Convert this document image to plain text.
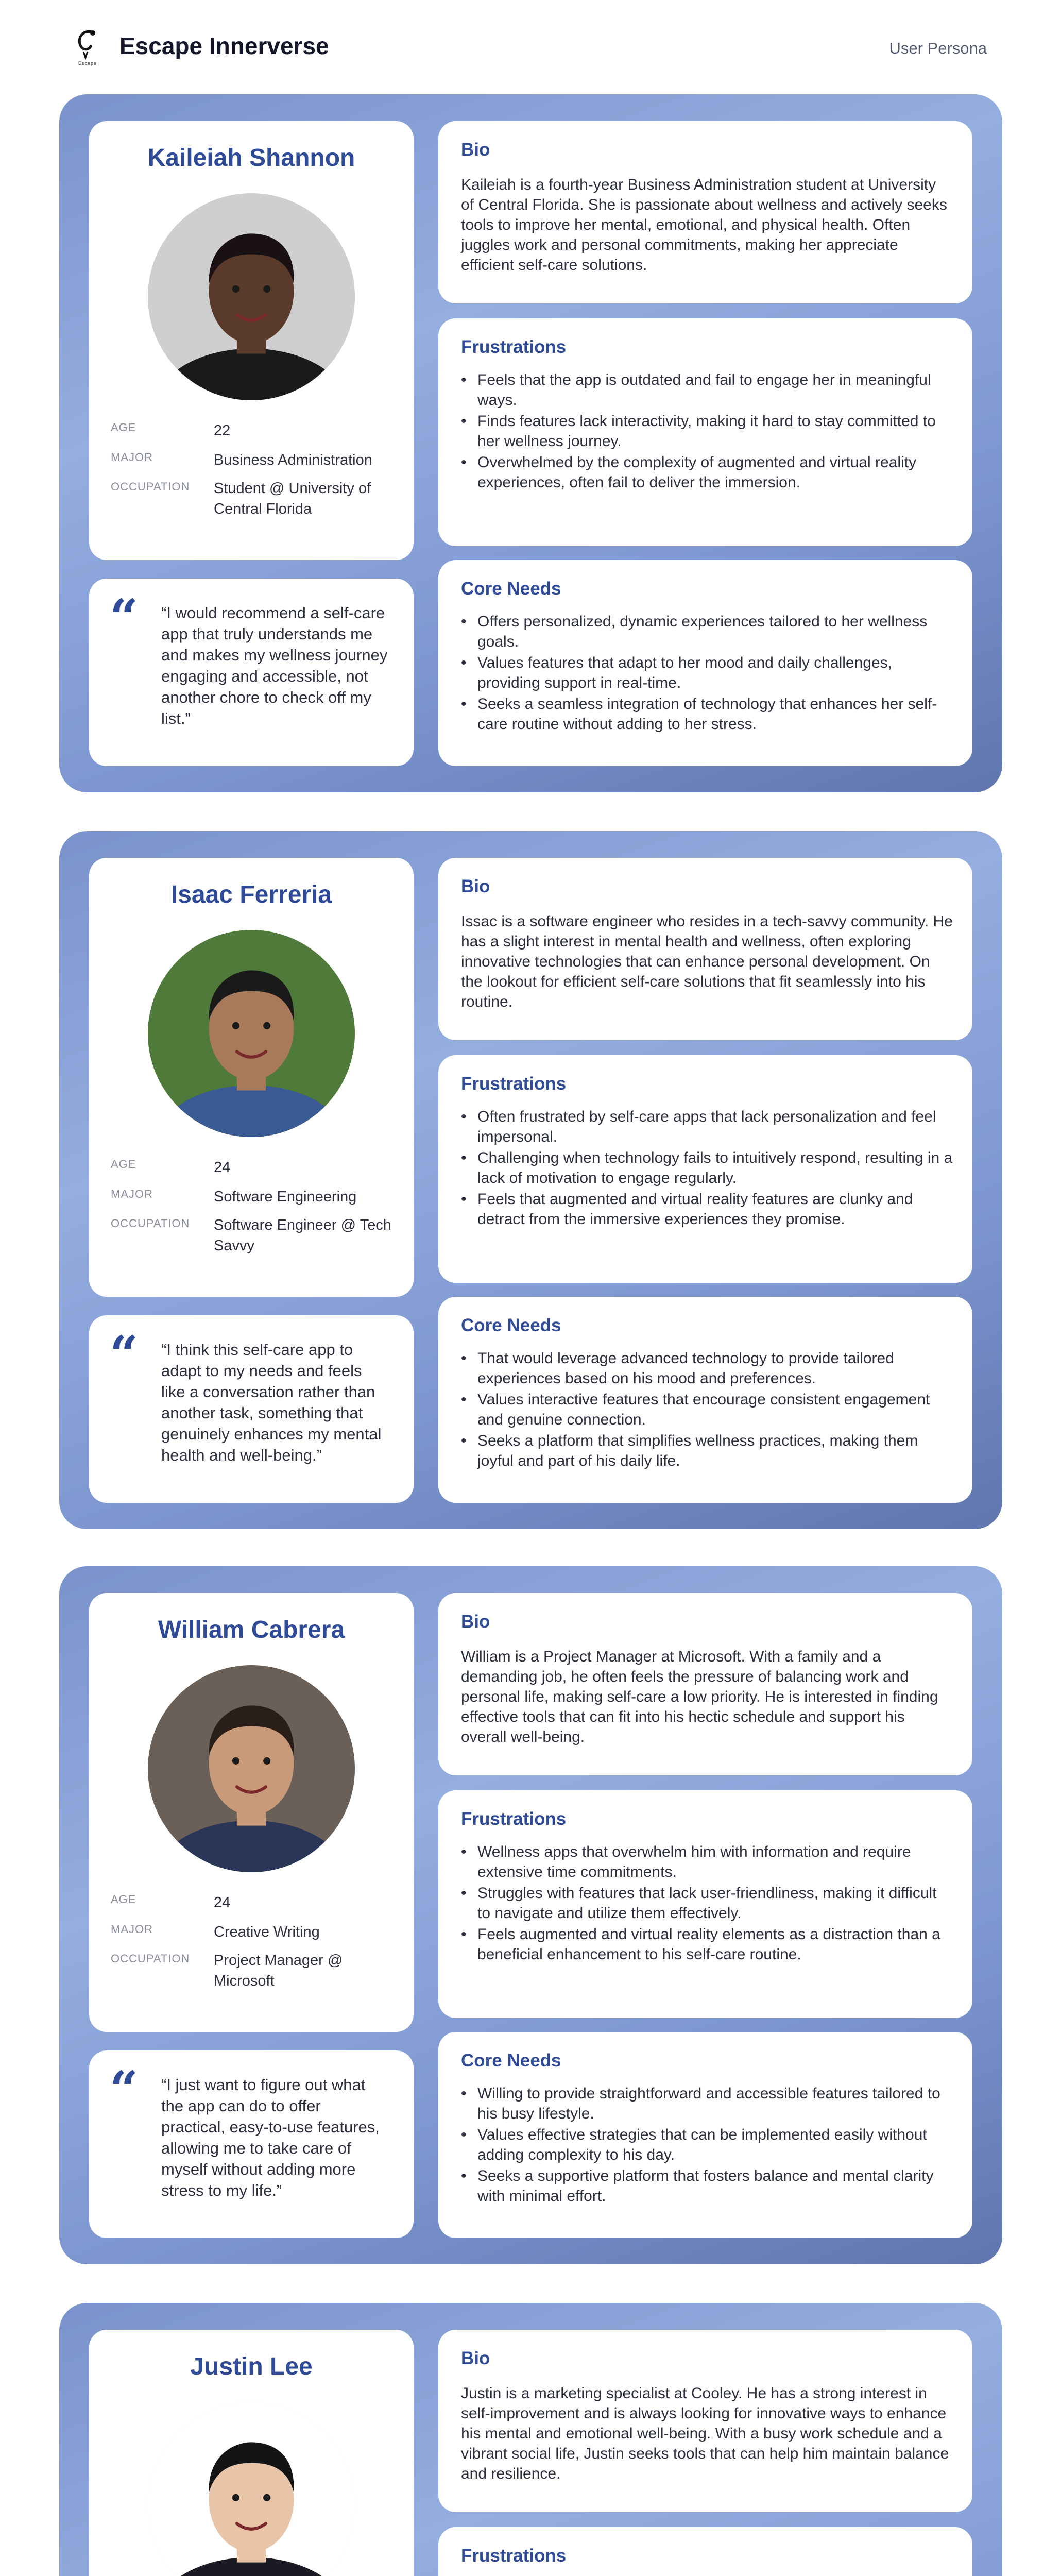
Escape
Escape Innerverse	User Persona
Kaileiah Shannon
AGE	22
MAJOR	Business Administration
OCCUPATION Student @ University of Central Florida
“ “I would recommend a self-care app that truly understands me and makes my wellness journey engaging and accessible, not another chore to check off my list.”
Bio
Kaileiah is a fourth-year Business Administration student at University of Central Florida. She is passionate about wellness and actively seeks tools to improve her mental, emotional, and physical health. Often juggles work and personal commitments, making her appreciate efficient self-care solutions.
Frustrations
• Feels that the app is outdated and fail to engage her in meaningful ways.
• Finds features lack interactivity, making it hard to stay committed to her wellness journey.
• Overwhelmed by the complexity of augmented and virtual reality experiences, often fail to deliver the immersion.
Core Needs
• Offers personalized, dynamic experiences tailored to her wellness goals.
• Values features that adapt to her mood and daily challenges, providing support in real-time.
• Seeks a seamless integration of technology that enhances her self-care routine without adding to her stress.
Isaac Ferreria
AGE	24
MAJOR	Software Engineering
OCCUPATION Software Engineer @ Tech Savvy
“ “I think this self-care app to adapt to my needs and feels like a conversation rather than another task, something that genuinely enhances my mental health and well-being.”
Bio
Issac is a software engineer who resides in a tech-savvy community. He has a slight interest in mental health and wellness, often exploring innovative technologies that can enhance personal development. On the lookout for efficient self-care solutions that fit seamlessly into his routine.
Frustrations
• Often frustrated by self-care apps that lack personalization and feel impersonal.
• Challenging when technology fails to intuitively respond, resulting in a lack of motivation to engage regularly.
• Feels that augmented and virtual reality features are clunky and detract from the immersive experiences they promise.
Core Needs
• That would leverage advanced technology to provide tailored experiences based on his mood and preferences.
• Values interactive features that encourage consistent engagement and genuine connection.
• Seeks a platform that simplifies wellness practices, making them joyful and part of his daily life.
William Cabrera
AGE	24
MAJOR	Creative Writing
OCCUPATION Project Manager @ Microsoft
“ “I just want to figure out what the app can do to offer practical, easy-to-use features, allowing me to take care of myself without adding more stress to my life.”
Bio
William is a Project Manager at Microsoft. With a family and a demanding job, he often feels the pressure of balancing work and personal life, making self-care a low priority. He is interested in finding effective tools that can fit into his hectic schedule and support his overall well-being.
Frustrations
• Wellness apps that overwhelm him with information and require extensive time commitments.
• Struggles with features that lack user-friendliness, making it difficult to navigate and utilize them effectively.
• Feels augmented and virtual reality elements as a distraction than a beneficial enhancement to his self-care routine.
Core Needs
• Willing to provide straightforward and accessible features tailored to his busy lifestyle.
• Values effective strategies that can be implemented easily without adding complexity to his day.
• Seeks a supportive platform that fosters balance and mental clarity with minimal effort.
Justin Lee	Bio
Justin is a marketing specialist at Cooley. He has a strong interest in self-improvement and is always looking for innovative ways to enhance his mental and emotional well-being. With a busy work schedule and a vibrant social life, Justin seeks tools that can help him maintain balance and resilience.
Frustrations
